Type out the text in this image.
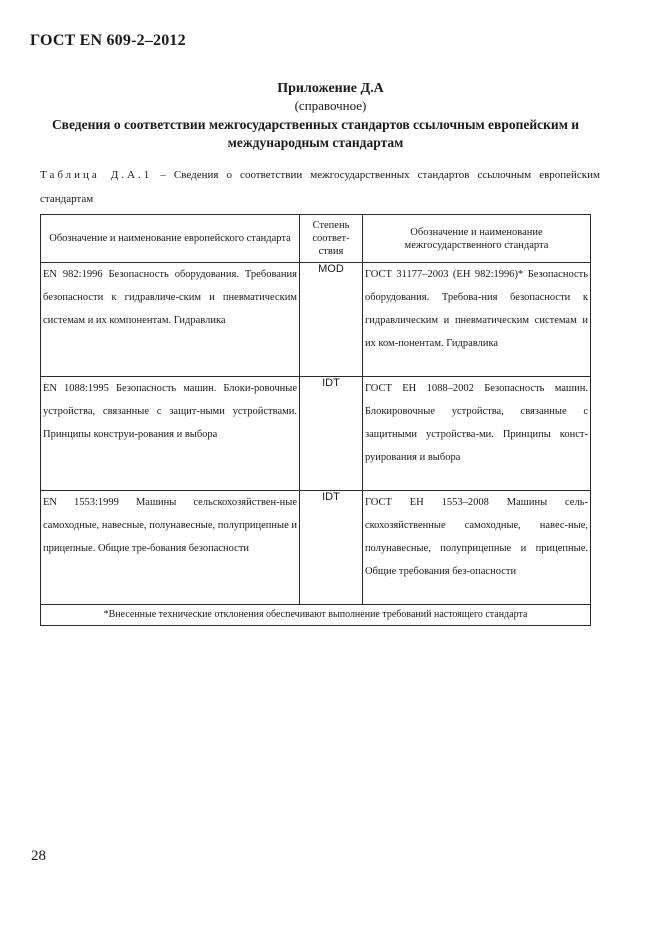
ГОСТ EN 609-2–2012
Приложение Д.А
(справочное)
Сведения о соответствии межгосударственных стандартов ссылочным европейским и международным стандартам
Таблица Д.А.1 – Сведения о соответствии межгосударственных стандартов ссылочным европейским стандартам
Обозначение и наименование европейского стандарта	Степень соответ-ствия	Обозначение и наименование межгосударственного стандарта
EN 982:1996 Безопасность оборудования. Требования безопасности к гидравличе-ским и пневматическим системам и их компонентам. Гидравлика	MOD	ГОСТ 31177–2003 (ЕН 982:1996)* Безопасность оборудования. Требова-ния безопасности к гидравлическим и пневматическим системам и их ком-понентам. Гидравлика
EN 1088:1995 Безопасность машин. Блоки-ровочные устройства, связанные с защит-ными устройствами. Принципы конструи-рования и выбора	IDT	ГОСТ ЕН 1088–2002 Безопасность машин. Блокировочные устройства, связанные с защитными устройства-ми. Принципы конст-руирования и выбора
EN 1553:1999 Машины сельскохозяйствен-ные самоходные, навесные, полунавесные, полуприцепные и прицепные. Общие тре-бования безопасности	IDT	ГОСТ ЕН 1553–2008 Машины сель-скохозяйственные самоходные, навес-ные, полунавесные, полуприцепные и прицепные. Общие требования без-опасности
*Внесенные технические отклонения обеспечивают выполнение требований настоящего стандарта		
28
